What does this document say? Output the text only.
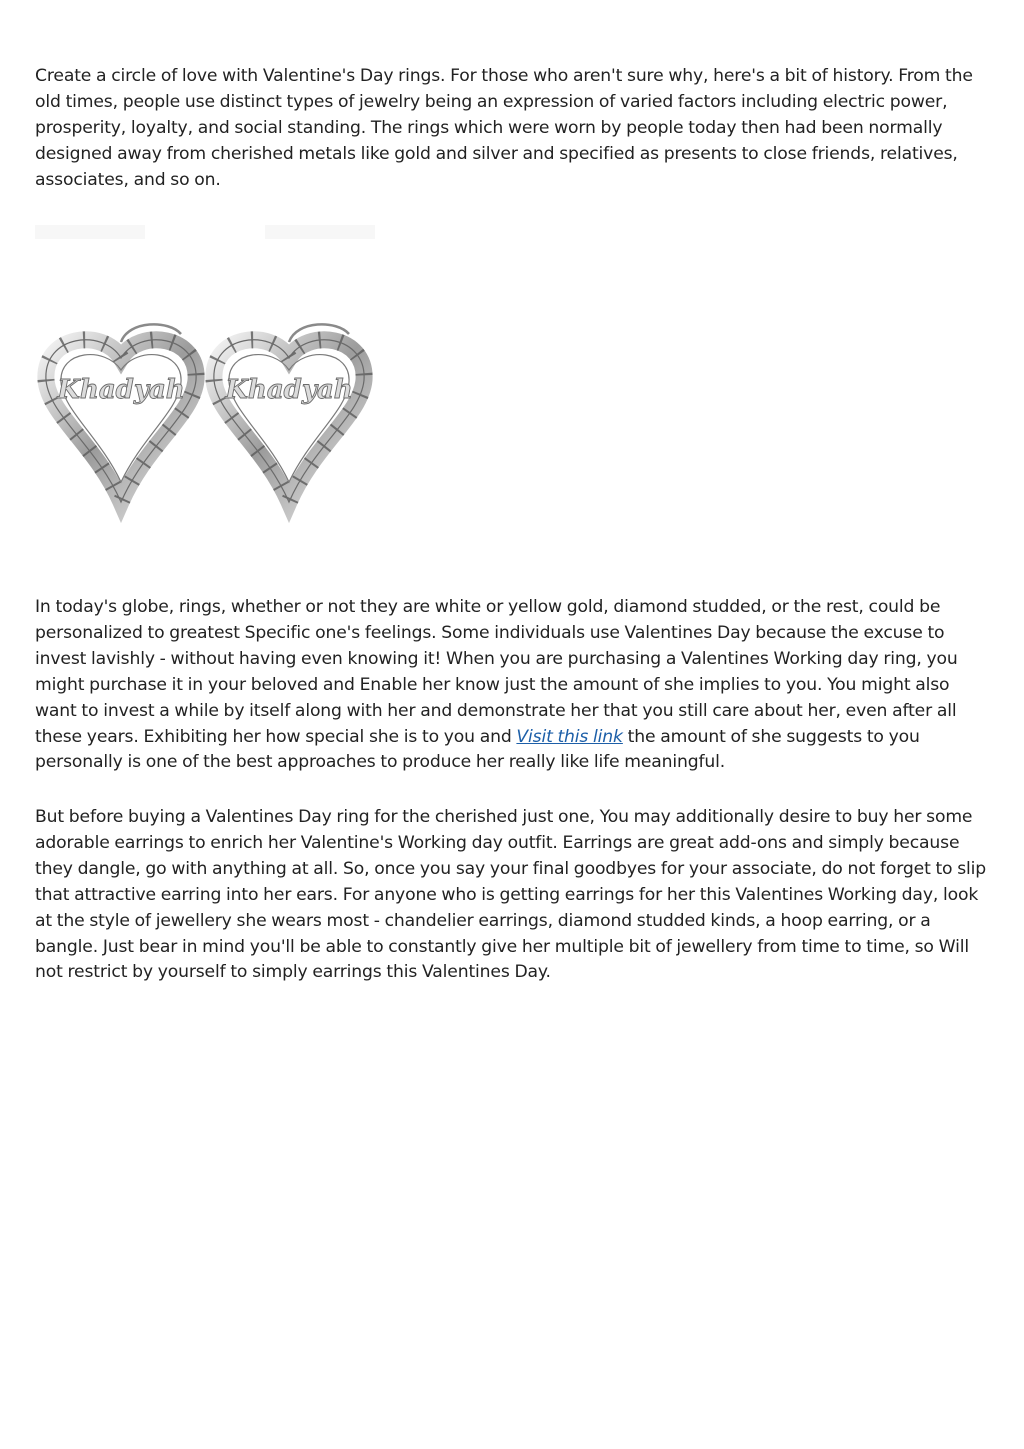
Create a circle of love with Valentine's Day rings. For those who aren't sure why, here's a bit of history. From the old times, people use distinct types of jewelry being an expression of varied factors including electric power, prosperity, loyalty, and social standing. The rings which were worn by people today then had been normally designed away from cherished metals like gold and silver and specified as presents to close friends, relatives, associates, and so on.

Khadyah Khadyah

In today's globe, rings, whether or not they are white or yellow gold, diamond studded, or the rest, could be personalized to greatest Specific one's feelings. Some individuals use Valentines Day because the excuse to invest lavishly - without having even knowing it! When you are purchasing a Valentines Working day ring, you might purchase it in your beloved and Enable her know just the amount of she implies to you. You might also want to invest a while by itself along with her and demonstrate her that you still care about her, even after all these years. Exhibiting her how special she is to you and Visit this link the amount of she suggests to you personally is one of the best approaches to produce her really like life meaningful.

But before buying a Valentines Day ring for the cherished just one, You may additionally desire to buy her some adorable earrings to enrich her Valentine's Working day outfit. Earrings are great add-ons and simply because they dangle, go with anything at all. So, once you say your final goodbyes for your associate, do not forget to slip that attractive earring into her ears. For anyone who is getting earrings for her this Valentines Working day, look at the style of jewellery she wears most - chandelier earrings, diamond studded kinds, a hoop earring, or a bangle. Just bear in mind you'll be able to constantly give her multiple bit of jewellery from time to time, so Will not restrict by yourself to simply earrings this Valentines Day.
